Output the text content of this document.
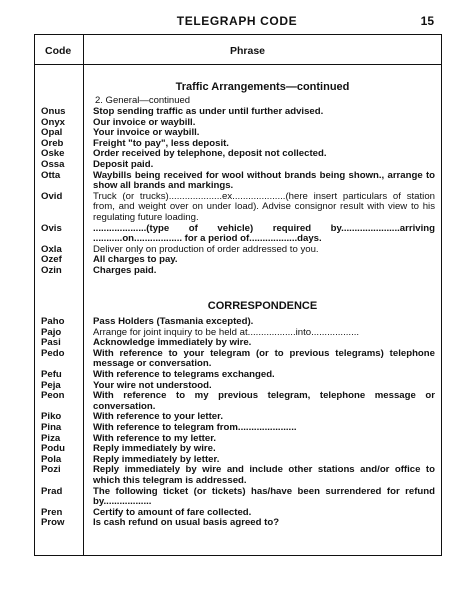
TELEGRAPH CODE	15
Code	Phrase
Traffic Arrangements—continued
2. General—continued
Onus	Stop sending traffic as under until further advised.
Onyx	Our invoice or waybill.
Opal	Your invoice or waybill.
Oreb	Freight "to pay", less deposit.
Oske	Order received by telephone, deposit not collected.
Ossa	Deposit paid.
Otta	Waybills being received for wool without brands being shown., arrange to show all brands and markings.
Ovid	Truck (or trucks)....................ex....................(here insert particulars of station from, and weight over on under load). Advise consignor result with view to his regulating future loading.
Ovis	....................(type of vehicle) required by......................arriving ...........on.................. for a period of..................days.
Oxla	Deliver only on production of order addressed to you.
Ozef	All charges to pay.
Ozin	Charges paid.
CORRESPONDENCE
Paho	Pass Holders (Tasmania excepted).
Pajo	Arrange for joint inquiry to be held at..................into..................
Pasi	Acknowledge immediately by wire.
Pedo	With reference to your telegram (or to previous telegrams) telephone message or conversation.
Pefu	With reference to telegrams exchanged.
Peja	Your wire not understood.
Peon	With reference to my previous telegram, telephone message or conversation.
Piko	With reference to your letter.
Pina	With reference to telegram from......................
Piza	With reference to my letter.
Podu	Reply immediately by wire.
Pola	Reply immediately by letter.
Pozi	Reply immediately by wire and include other stations and/or office to which this telegram is addressed.
Prad	The following ticket (or tickets) has/have been surrendered for refund by..................
Pren	Certify to amount of fare collected.
Prow	Is cash refund on usual basis agreed to?
